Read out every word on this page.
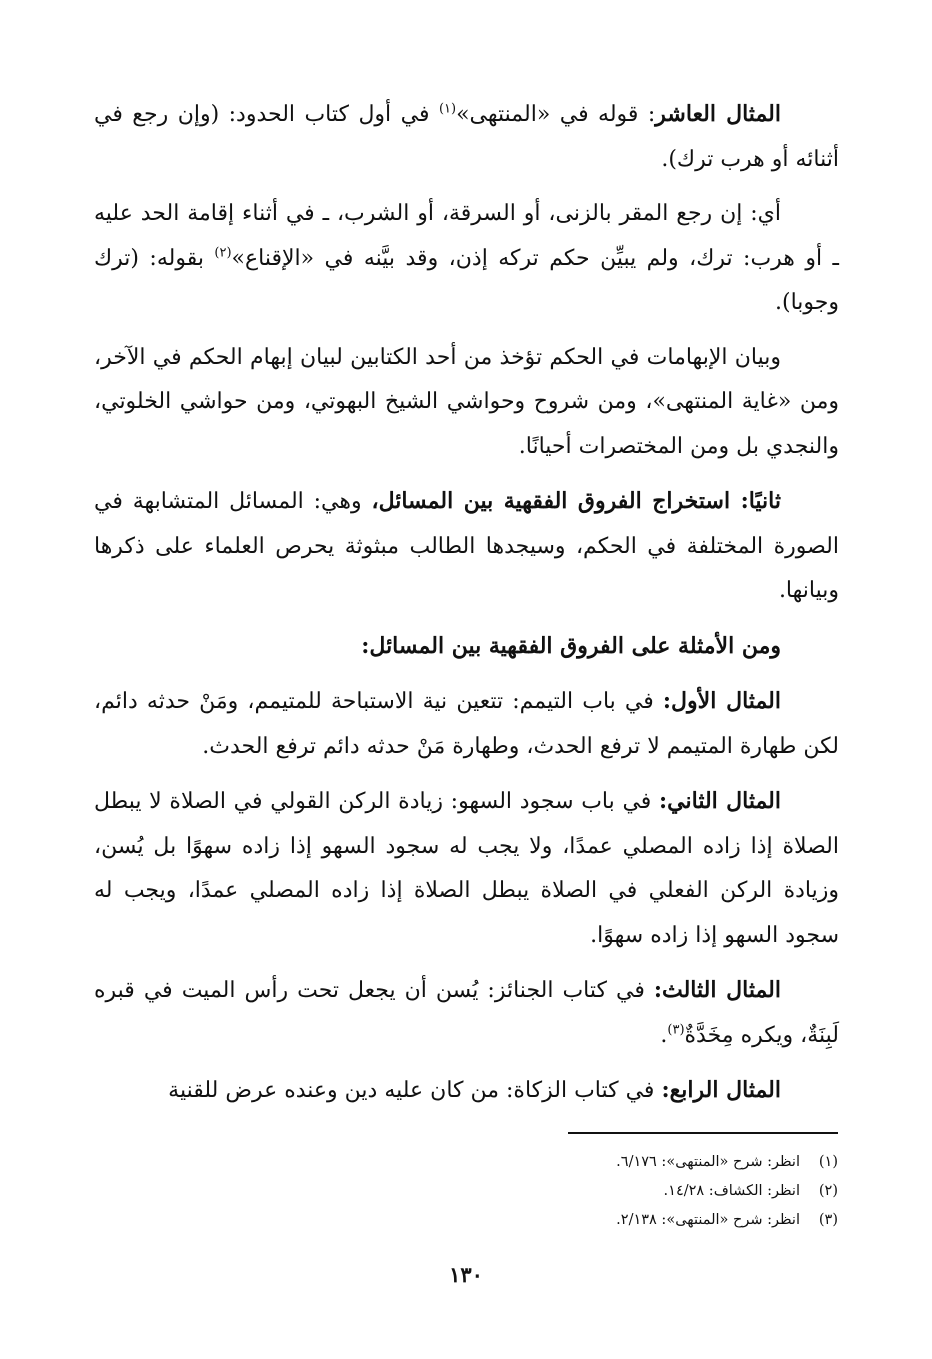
المثال العاشر: قوله في «المنتهى»$^{(١)}$ في أول كتاب الحدود: (وإن رجع في أثنائه أو هرب ترك).

أي: إن رجع المقر بالزنى، أو السرقة، أو الشرب، ـ في أثناء إقامة الحد عليه ـ أو هرب: ترك، ولم يبيِّن حكم تركه إذن، وقد بيَّنه في «الإقناع»$^{(٢)}$ بقوله: (ترك وجوبا).

وبيان الإبهامات في الحكم تؤخذ من أحد الكتابين لبيان إبهام الحكم في الآخر، ومن «غاية المنتهى»، ومن شروح وحواشي الشيخ البهوتي، ومن حواشي الخلوتي، والنجدي بل ومن المختصرات أحيانًا.

ثانيًا: استخراج الفروق الفقهية بين المسائل، وهي: المسائل المتشابهة في الصورة المختلفة في الحكم، وسيجدها الطالب مبثوثة يحرص العلماء على ذكرها وبيانها.

ومن الأمثلة على الفروق الفقهية بين المسائل:

المثال الأول: في باب التيمم: تتعين نية الاستباحة للمتيمم، ومَنْ حدثه دائم، لكن طهارة المتيمم لا ترفع الحدث، وطهارة مَنْ حدثه دائم ترفع الحدث.

المثال الثاني: في باب سجود السهو: زيادة الركن القولي في الصلاة لا يبطل الصلاة إذا زاده المصلي عمدًا، ولا يجب له سجود السهو إذا زاده سهوًا بل يُسن، وزيادة الركن الفعلي في الصلاة يبطل الصلاة إذا زاده المصلي عمدًا، ويجب له سجود السهو إذا زاده سهوًا.

المثال الثالث: في كتاب الجنائز: يُسن أن يجعل تحت رأس الميت في قبره لَبِنَةٌ، ويكره مِخَدَّةٌ$^{(٣)}$.

المثال الرابع: في كتاب الزكاة: من كان عليه دين وعنده عرض للقنية

(١)
انظر: شرح «المنتهى»: ٦/١٧٦.
(٢)
انظر: الكشاف: ١٤/٢٨.
(٣)
انظر: شرح «المنتهى»: ٢/١٣٨.
١٣٠
